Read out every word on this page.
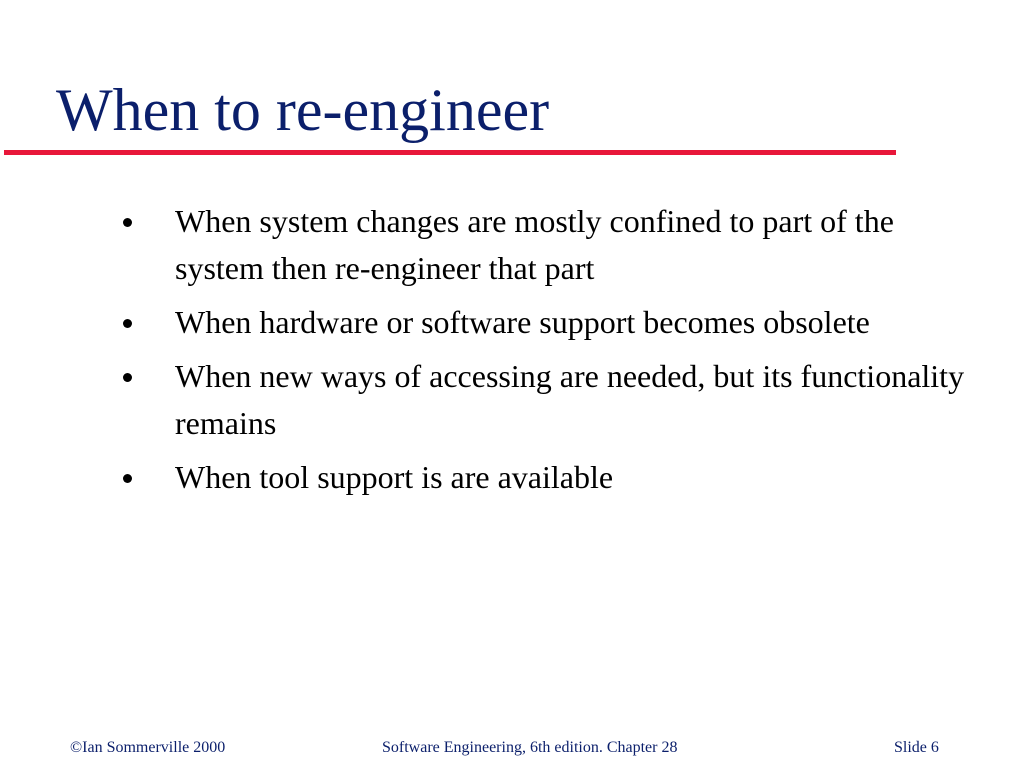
When to re-engineer
When system changes are mostly confined to part of the system then re-engineer that part
When hardware or software support becomes obsolete
When new ways of accessing are needed, but its functionality remains
When tool support is are available
©Ian Sommerville 2000	Software Engineering, 6th edition. Chapter 28	Slide 6
